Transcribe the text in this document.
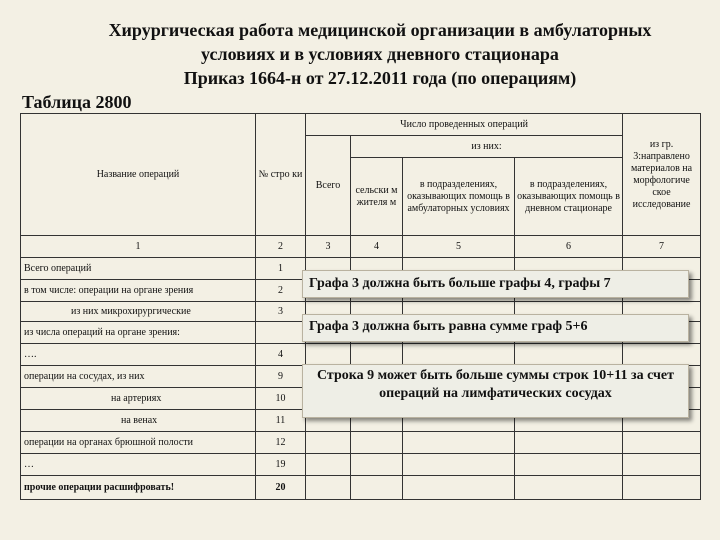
Хирургическая работа медицинской организации в амбулаторных
условиях и в условиях дневного стационара
Приказ 1664-н от 27.12.2011 года (по операциям)
Таблица 2800
Название операций	№ стро ки	Число проведенных операций				из гр. 3:направлено материалов на морфологиче ское исследование
		Всего	из них:			
			сельски м жителя м	в подразделениях, оказывающих помощь в амбулаторных условиях	в подразделениях, оказывающих помощь в дневном стационаре	
1	2	3	4	5	6	7
Всего операций	1					
в том числе: операции на органе зрения	2					
из них микрохирургические	3					
из числа операций на органе зрения:						
….	4					
операции на сосудах, из них	9					
на артериях	10					
на венах	11					
операции на органах брюшной полости	12					
…	19					
прочие операции расшифровать!	20					
Графа 3 должна быть больше графы 4, графы 7
Графа 3 должна быть равна сумме граф 5+6
Строка 9 может быть больше суммы строк 10+11 за счет операций на лимфатических сосудах
